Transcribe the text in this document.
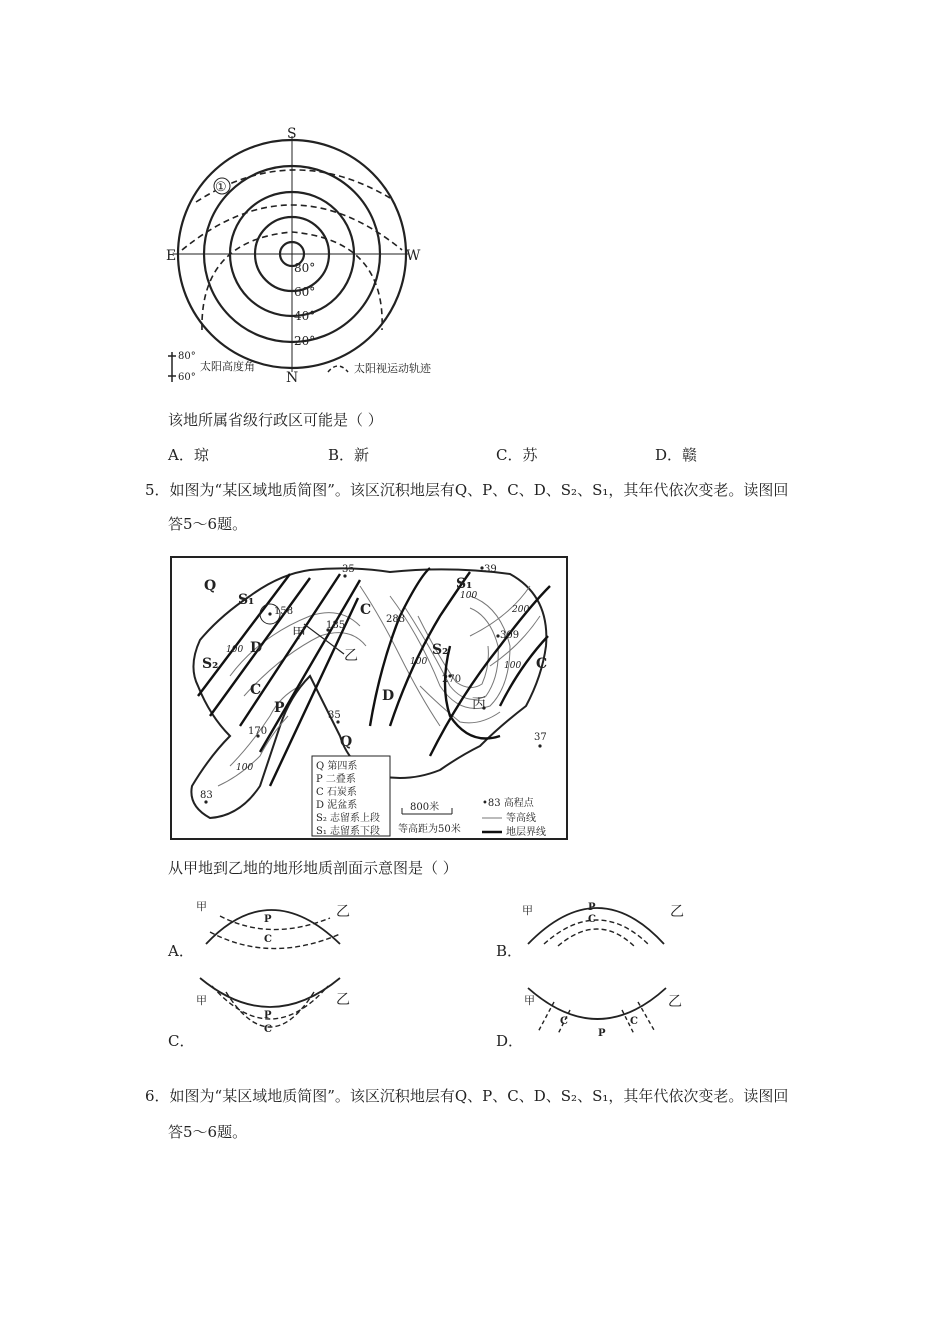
S
N
E	W
80°
60°
40°
20°
①
80°
60°
太阳高度角	太阳视运动轨迹
该地所属省级行政区可能是（ ）
A．琼	B．新	C．苏	D．赣
5．如图为“某区域地质简图”。该区沉积地层有Q、P、C、D、S₂、S₁，其年代依次变老。读图回
答5～6题。
Q
S₁
S₂
D
C
P
C
D
Q
S₁
S₂
C
甲
乙
丙
35
158
185
283
39
309
270
35
170
37
83
100
100
100
200
100
100	Q 第四系
P 二叠系
C 石炭系
D 泥盆系
S₂ 志留系上段
S₁ 志留系下段
800米
等高距为50米
•83 高程点
等高线
地层界线
从甲地到乙地的地形地质剖面示意图是（ ）
甲	乙
P
C
A．
甲	乙
P
C
B．
甲	乙
P
C
C．
甲	乙
P
C	C
D．
6．如图为“某区域地质简图”。该区沉积地层有Q、P、C、D、S₂、S₁，其年代依次变老。读图回
答5～6题。
